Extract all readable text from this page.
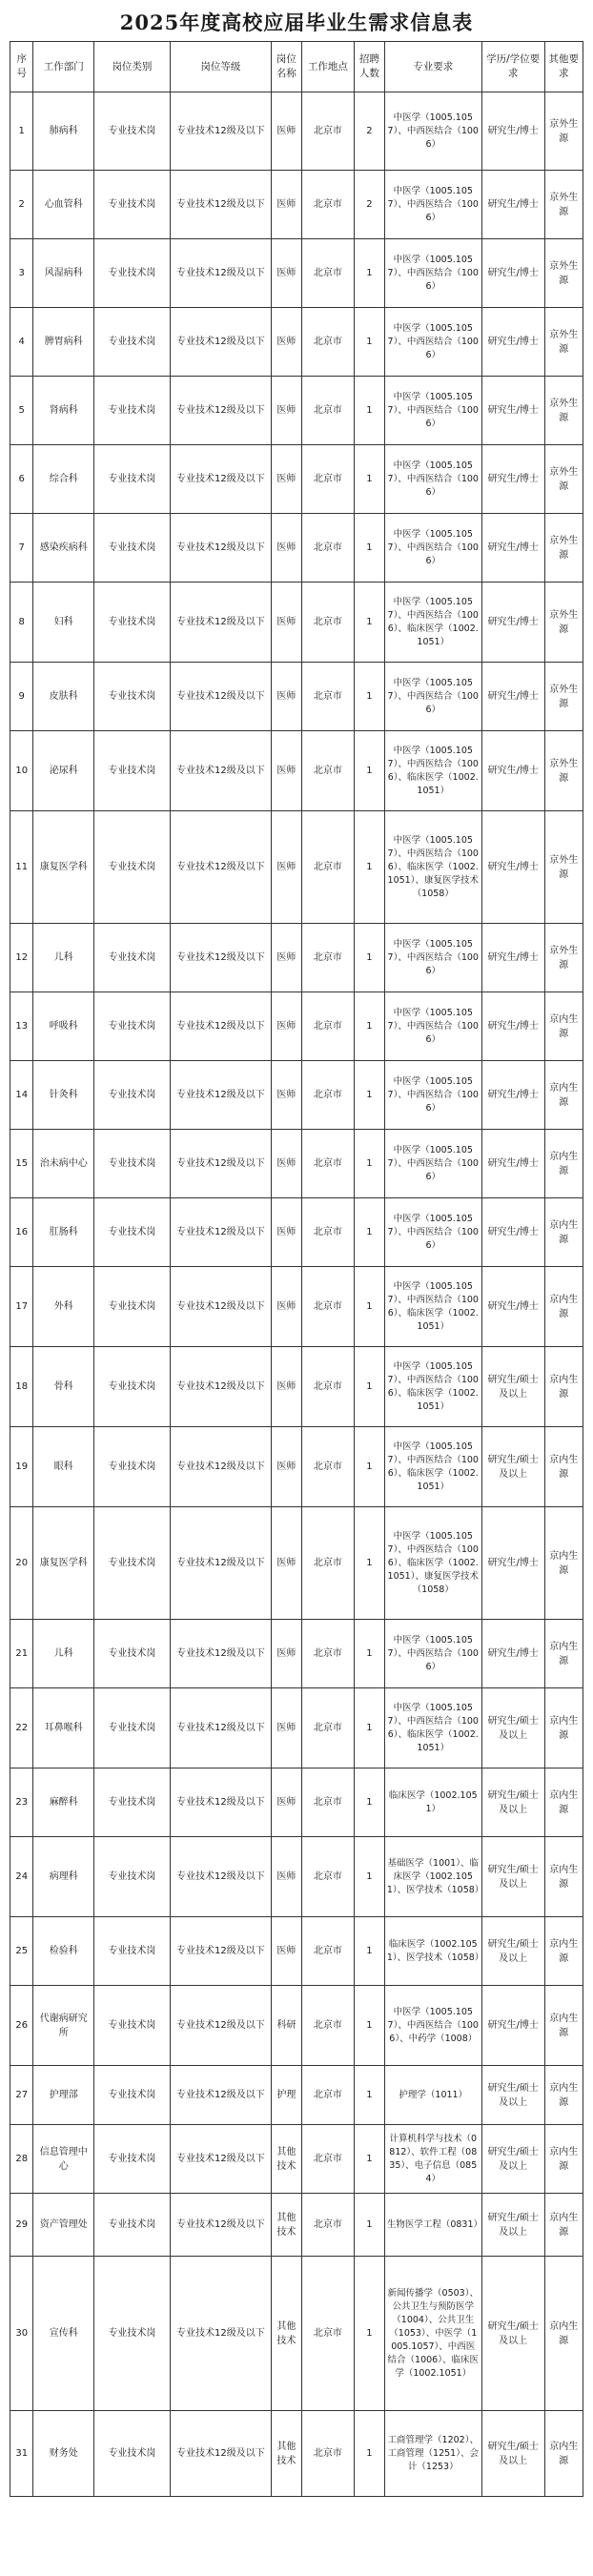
2025年度高校应届毕业生需求信息表
序号	工作部门	岗位类别	岗位等级	岗位名称	工作地点	招聘人数	专业要求	学历/学位要求	其他要求
1	肺病科	专业技术岗	专业技术12级及以下	医师	北京市	2	中医学（1005.1057）、中西医结合（1006）	研究生/博士	京外生源
2	心血管科	专业技术岗	专业技术12级及以下	医师	北京市	2	中医学（1005.1057）、中西医结合（1006）	研究生/博士	京外生源
3	风湿病科	专业技术岗	专业技术12级及以下	医师	北京市	1	中医学（1005.1057）、中西医结合（1006）	研究生/博士	京外生源
4	脾胃病科	专业技术岗	专业技术12级及以下	医师	北京市	1	中医学（1005.1057）、中西医结合（1006）	研究生/博士	京外生源
5	肾病科	专业技术岗	专业技术12级及以下	医师	北京市	1	中医学（1005.1057）、中西医结合（1006）	研究生/博士	京外生源
6	综合科	专业技术岗	专业技术12级及以下	医师	北京市	1	中医学（1005.1057）、中西医结合（1006）	研究生/博士	京外生源
7	感染疾病科	专业技术岗	专业技术12级及以下	医师	北京市	1	中医学（1005.1057）、中西医结合（1006）	研究生/博士	京外生源
8	妇科	专业技术岗	专业技术12级及以下	医师	北京市	1	中医学（1005.1057）、中西医结合（1006）、临床医学（1002.1051）	研究生/博士	京外生源
9	皮肤科	专业技术岗	专业技术12级及以下	医师	北京市	1	中医学（1005.1057）、中西医结合（1006）	研究生/博士	京外生源
10	泌尿科	专业技术岗	专业技术12级及以下	医师	北京市	1	中医学（1005.1057）、中西医结合（1006）、临床医学（1002.1051）	研究生/博士	京外生源
11	康复医学科	专业技术岗	专业技术12级及以下	医师	北京市	1	中医学（1005.1057）、中西医结合（1006）、临床医学（1002.1051）、康复医学技术（1058）	研究生/博士	京外生源
12	儿科	专业技术岗	专业技术12级及以下	医师	北京市	1	中医学（1005.1057）、中西医结合（1006）	研究生/博士	京外生源
13	呼吸科	专业技术岗	专业技术12级及以下	医师	北京市	1	中医学（1005.1057）、中西医结合（1006）	研究生/博士	京内生源
14	针灸科	专业技术岗	专业技术12级及以下	医师	北京市	1	中医学（1005.1057）、中西医结合（1006）	研究生/博士	京内生源
15	治未病中心	专业技术岗	专业技术12级及以下	医师	北京市	1	中医学（1005.1057）、中西医结合（1006）	研究生/博士	京内生源
16	肛肠科	专业技术岗	专业技术12级及以下	医师	北京市	1	中医学（1005.1057）、中西医结合（1006）	研究生/博士	京内生源
17	外科	专业技术岗	专业技术12级及以下	医师	北京市	1	中医学（1005.1057）、中西医结合（1006）、临床医学（1002.1051）	研究生/博士	京内生源
18	骨科	专业技术岗	专业技术12级及以下	医师	北京市	1	中医学（1005.1057）、中西医结合（1006）、临床医学（1002.1051）	研究生/硕士及以上	京内生源
19	眼科	专业技术岗	专业技术12级及以下	医师	北京市	1	中医学（1005.1057）、中西医结合（1006）、临床医学（1002.1051）	研究生/硕士及以上	京内生源
20	康复医学科	专业技术岗	专业技术12级及以下	医师	北京市	1	中医学（1005.1057）、中西医结合（1006）、临床医学（1002.1051）、康复医学技术（1058）	研究生/博士	京内生源
21	儿科	专业技术岗	专业技术12级及以下	医师	北京市	1	中医学（1005.1057）、中西医结合（1006）	研究生/博士	京内生源
22	耳鼻喉科	专业技术岗	专业技术12级及以下	医师	北京市	1	中医学（1005.1057）、中西医结合（1006）、临床医学（1002.1051）	研究生/硕士及以上	京内生源
23	麻醉科	专业技术岗	专业技术12级及以下	医师	北京市	1	临床医学（1002.1051）	研究生/硕士及以上	京内生源
24	病理科	专业技术岗	专业技术12级及以下	医师	北京市	1	基础医学（1001）、临床医学（1002.1051）、医学技术（1058）	研究生/硕士及以上	京内生源
25	检验科	专业技术岗	专业技术12级及以下	医师	北京市	1	临床医学（1002.1051）、医学技术（1058）	研究生/硕士及以上	京内生源
26	代谢病研究所	专业技术岗	专业技术12级及以下	科研	北京市	1	中医学（1005.1057）、中西医结合（1006）、中药学（1008）	研究生/博士	京内生源
27	护理部	专业技术岗	专业技术12级及以下	护理	北京市	1	护理学（1011）	研究生/硕士及以上	京内生源
28	信息管理中心	专业技术岗	专业技术12级及以下	其他技术	北京市	1	计算机科学与技术（0812）、软件工程（0835）、电子信息（0854）	研究生/硕士及以上	京内生源
29	资产管理处	专业技术岗	专业技术12级及以下	其他技术	北京市	1	生物医学工程（0831）	研究生/硕士及以上	京内生源
30	宣传科	专业技术岗	专业技术12级及以下	其他技术	北京市	1	新闻传播学（0503）、公共卫生与预防医学（1004）、公共卫生（1053）、中医学（1005.1057）、中西医结合（1006）、临床医学（1002.1051）	研究生/硕士及以上	京内生源
31	财务处	专业技术岗	专业技术12级及以下	其他技术	北京市	1	工商管理学（1202）、工商管理（1251）、会计（1253）	研究生/硕士及以上	京内生源
